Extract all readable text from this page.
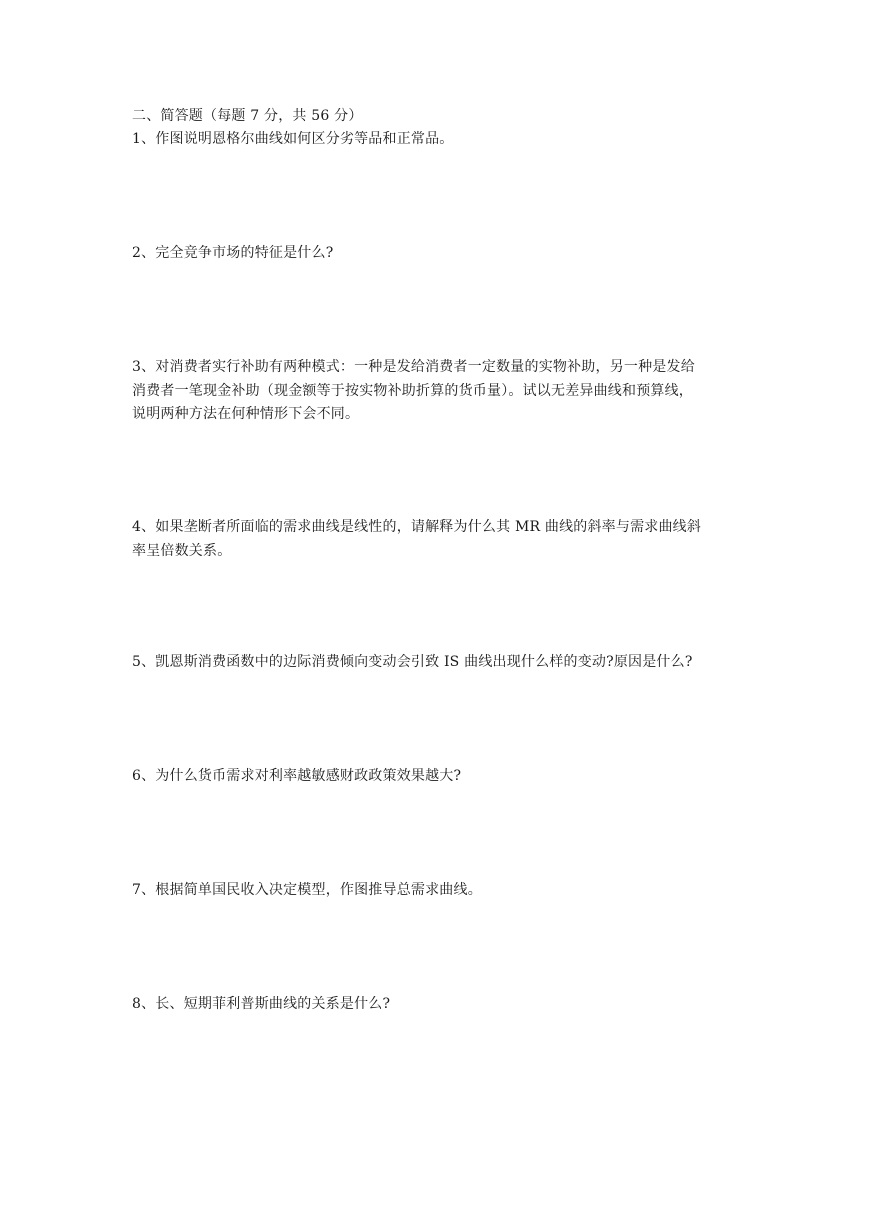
二、简答题（每题 7 分，共 56 分）
1、作图说明恩格尔曲线如何区分劣等品和正常品。
2、完全竞争市场的特征是什么?
3、对消费者实行补助有两种模式：一种是发给消费者一定数量的实物补助，另一种是发给
消费者一笔现金补助（现金额等于按实物补助折算的货币量）。试以无差异曲线和预算线，
说明两种方法在何种情形下会不同。
4、如果垄断者所面临的需求曲线是线性的，请解释为什么其 MR 曲线的斜率与需求曲线斜
率呈倍数关系。
5、凯恩斯消费函数中的边际消费倾向变动会引致 IS 曲线出现什么样的变动?原因是什么?
6、为什么货币需求对利率越敏感财政政策效果越大?
7、根据简单国民收入决定模型，作图推导总需求曲线。
8、长、短期菲利普斯曲线的关系是什么?
